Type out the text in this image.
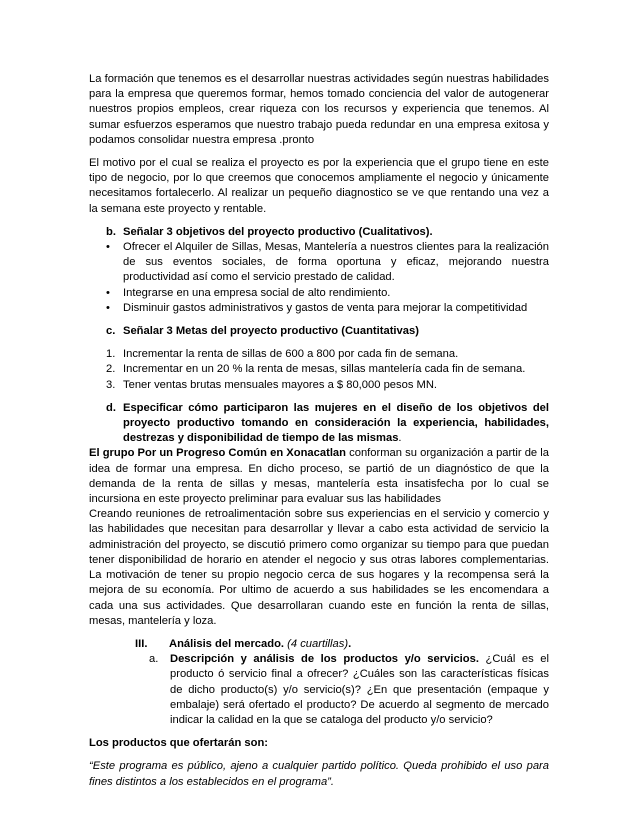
La formación que tenemos es el desarrollar nuestras actividades según nuestras habilidades para la empresa que queremos formar, hemos tomado conciencia del valor de autogenerar nuestros propios empleos, crear riqueza con los recursos y experiencia que tenemos. Al sumar esfuerzos esperamos que nuestro trabajo pueda redundar en una empresa exitosa y podamos consolidar nuestra empresa .pronto

El motivo por el cual se realiza el proyecto es por la experiencia que el grupo tiene en este tipo de negocio, por lo que creemos que conocemos ampliamente el negocio y únicamente necesitamos fortalecerlo. Al realizar un pequeño diagnostico se ve que rentando una vez a la semana este proyecto y rentable.

b. Señalar 3 objetivos del proyecto productivo (Cualitativos).
•	Ofrecer el Alquiler de Sillas, Mesas, Mantelería a nuestros clientes para la realización de sus eventos sociales, de forma oportuna y eficaz, mejorando nuestra productividad así como el servicio prestado de calidad.
•	Integrarse en una empresa social de alto rendimiento.
•	Disminuir gastos administrativos y gastos de venta para mejorar la competitividad
c. Señalar 3 Metas del proyecto productivo (Cuantitativas)
1. Incrementar la renta de sillas de 600 a 800 por cada fin de semana.
2. Incrementar en un 20 % la renta de mesas, sillas mantelería cada fin de semana.
3. Tener ventas brutas mensuales mayores a $ 80,000 pesos MN.
d. Especificar cómo participaron las mujeres en el diseño de los objetivos del proyecto productivo tomando en consideración la experiencia, habilidades, destrezas y disponibilidad de tiempo de las mismas.

El grupo Por un Progreso Común en Xonacatlan conforman su organización a partir de la idea de formar una empresa. En dicho proceso, se partió de un diagnóstico de que la demanda de la renta de sillas y mesas, mantelería esta insatisfecha por lo cual se incursiona en este proyecto preliminar para evaluar sus las habilidades

Creando reuniones de retroalimentación sobre sus experiencias en el servicio y comercio y las habilidades que necesitan para desarrollar y llevar a cabo esta actividad de servicio la administración del proyecto, se discutió primero como organizar su tiempo para que puedan tener disponibilidad de horario en atender el negocio y sus otras labores complementarias. La motivación de tener su propio negocio cerca de sus hogares y la recompensa será la mejora de su economía. Por ultimo de acuerdo a sus habilidades se les encomendara a cada una sus actividades. Que desarrollaran cuando este en función la renta de sillas, mesas, mantelería y loza.

III.	Análisis del mercado. (4 cuartillas).
a.	Descripción y análisis de los productos y/o servicios. ¿Cuál es el producto ó servicio final a ofrecer? ¿Cuáles son las características físicas de dicho producto(s) y/o servicio(s)? ¿En que presentación (empaque y embalaje) será ofertado el producto? De acuerdo al segmento de mercado indicar la calidad en la que se cataloga del producto y/o servicio?

Los productos que ofertarán son:

“Este programa es público, ajeno a cualquier partido político. Queda prohibido el uso para fines distintos a los establecidos en el programa”.
